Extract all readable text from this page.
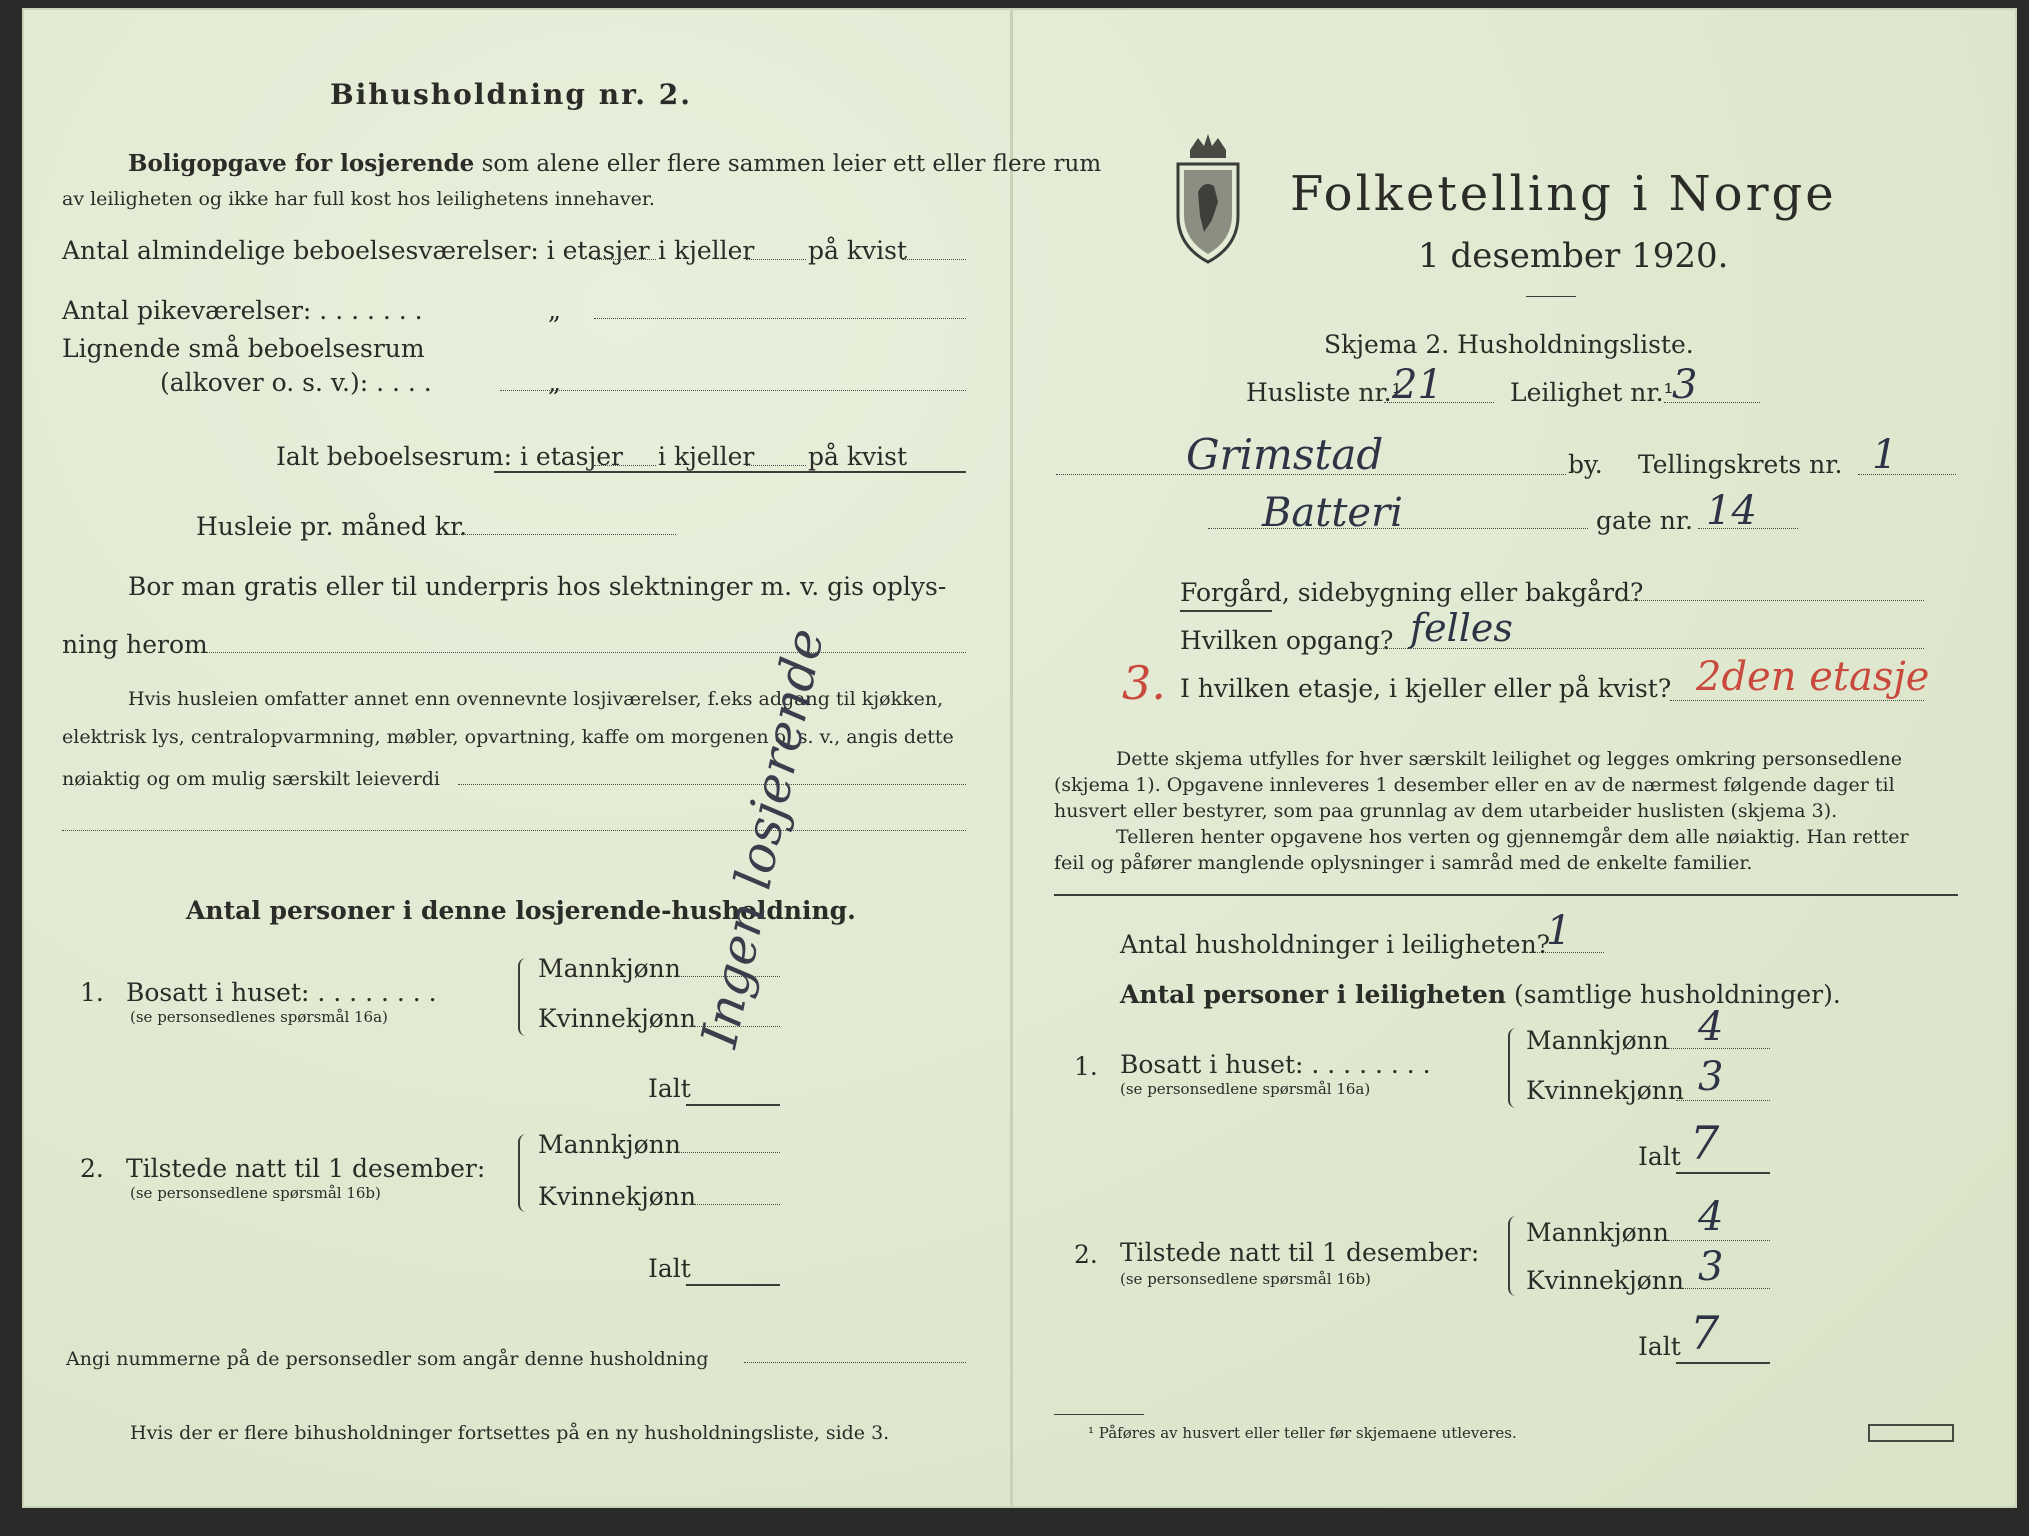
Bihusholdning nr. 2.
Boligopgave for losjerende som alene eller flere sammen leier ett eller flere rum
av leiligheten og ikke har full kost hos leilighetens innehaver.
Antal almindelige beboelsesværelser: i etasjer i kjeller på kvist
Antal pikeværelser: . . . . . . .	„
Lignende små beboelsesrum
(alkover o. s. v.): . . . .	„
Ialt beboelsesrum: i etasjer i kjeller på kvist
Husleie pr. måned kr.
Bor man gratis eller til underpris hos slektninger m. v. gis oplys-
ning herom
Hvis husleien omfatter annet enn ovennevnte losjiværelser, f.eks adgang til kjøkken,
elektrisk lys, centralopvarmning, møbler, opvartning, kaffe om morgenen o. s. v., angis dette
nøiaktig og om mulig særskilt leieverdi
Antal personer i denne losjerende-husholdning.
1. Bosatt i huset: . . . . . . . .
(se personsedlenes spørsmål 16a)
Mannkjønn
Kvinnekjønn
Ialt
2. Tilstede natt til 1 desember:
(se personsedlene spørsmål 16b)
Mannkjønn
Kvinnekjønn
Ialt
Ingen losjerende
Angi nummerne på de personsedler som angår denne husholdning
Hvis der er flere bihusholdninger fortsettes på en ny husholdningsliste, side 3.
Folketelling i Norge
1 desember 1920.
Skjema 2. Husholdningsliste.
Husliste nr.¹
21	Leilighet nr.¹
3
Grimstad	by. Tellingskrets nr. 1
Batteri	gate nr. 14
Forgård, sidebygning eller bakgård?
Hvilken opgang? felles
3. I hvilken etasje, i kjeller eller på kvist? 2den etasje
Dette skjema utfylles for hver særskilt leilighet og legges omkring personsedlene
(skjema 1). Opgavene innleveres 1 desember eller en av de nærmest følgende dager til
husvert eller bestyrer, som paa grunnlag av dem utarbeider huslisten (skjema 3).
Telleren henter opgavene hos verten og gjennemgår dem alle nøiaktig. Han retter
feil og påfører manglende oplysninger i samråd med de enkelte familier.
Antal husholdninger i leiligheten?
1
Antal personer i leiligheten (samtlige husholdninger).
1. Bosatt i huset: . . . . . . . .
(se personsedlene spørsmål 16a)
Mannkjønn 4
Kvinnekjønn 3
Ialt 7
2. Tilstede natt til 1 desember:
(se personsedlene spørsmål 16b)
Mannkjønn 4
Kvinnekjønn 3
Ialt 7
¹ Påføres av husvert eller teller før skjemaene utleveres.
